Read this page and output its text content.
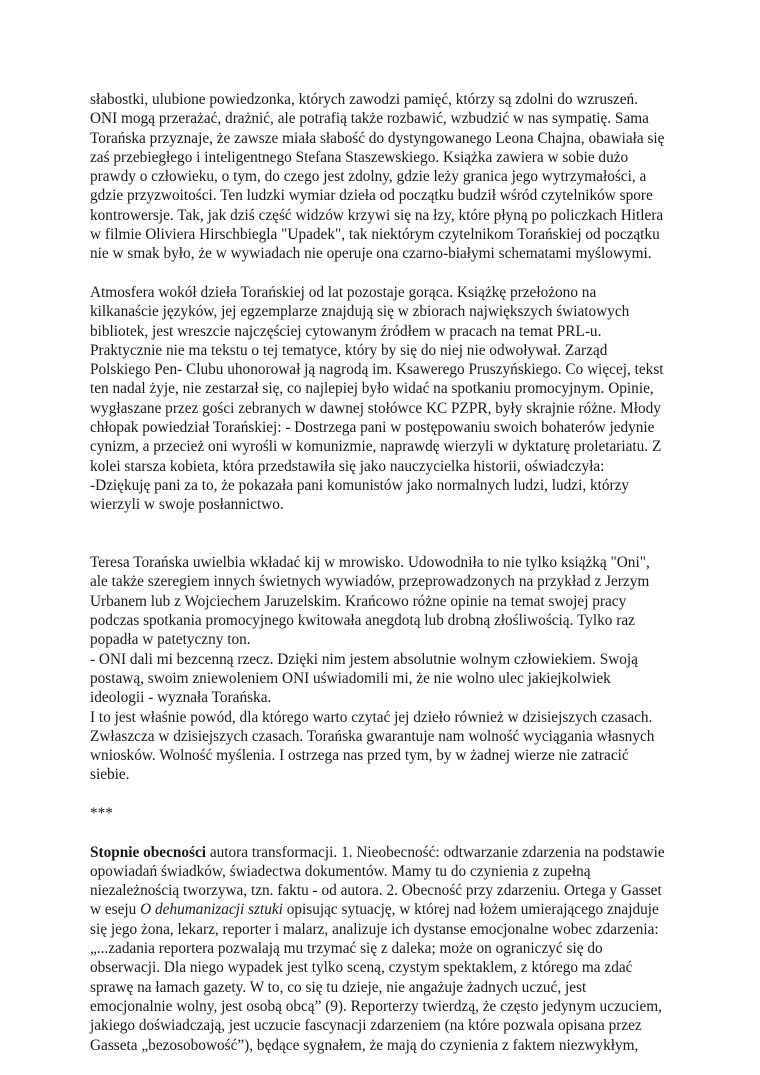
słabostki, ulubione powiedzonka, których zawodzi pamięć, którzy są zdolni do wzruszeń.
ONI mogą przerażać, drażnić, ale potrafią także rozbawić, wzbudzić w nas sympatię. Sama
Torańska przyznaje, że zawsze miała słabość do dystyngowanego Leona Chajna, obawiała się
zaś przebiegłego i inteligentnego Stefana Staszewskiego. Książka zawiera w sobie dużo
prawdy o człowieku, o tym, do czego jest zdolny, gdzie leży granica jego wytrzymałości, a
gdzie przyzwoitości. Ten ludzki wymiar dzieła od początku budził wśród czytelników spore
kontrowersje. Tak, jak dziś część widzów krzywi się na łzy, które płyną po policzkach Hitlera
w filmie Oliviera Hirschbiegla "Upadek", tak niektórym czytelnikom Torańskiej od początku
nie w smak było, że w wywiadach nie operuje ona czarno-białymi schematami myślowymi.
Atmosfera wokół dzieła Torańskiej od lat pozostaje gorąca. Książkę przełożono na
kilkanaście języków, jej egzemplarze znajdują się w zbiorach największych światowych
bibliotek, jest wreszcie najczęściej cytowanym źródłem w pracach na temat PRL-u.
Praktycznie nie ma tekstu o tej tematyce, który by się do niej nie odwoływał. Zarząd
Polskiego Pen- Clubu uhonorował ją nagrodą im. Ksawerego Pruszyńskiego. Co więcej, tekst
ten nadal żyje, nie zestarzał się, co najlepiej było widać na spotkaniu promocyjnym. Opinie,
wygłaszane przez gości zebranych w dawnej stołówce KC PZPR, były skrajnie różne. Młody
chłopak powiedział Torańskiej: - Dostrzega pani w postępowaniu swoich bohaterów jedynie
cynizm, a przecież oni wyrośli w komunizmie, naprawdę wierzyli w dyktaturę proletariatu. Z
kolei starsza kobieta, która przedstawiła się jako nauczycielka historii, oświadczyła:
-Dziękuję pani za to, że pokazała pani komunistów jako normalnych ludzi, ludzi, którzy
wierzyli w swoje posłannictwo.
Teresa Torańska uwielbia wkładać kij w mrowisko. Udowodniła to nie tylko książką "Oni",
ale także szeregiem innych świetnych wywiadów, przeprowadzonych na przykład z Jerzym
Urbanem lub z Wojciechem Jaruzelskim. Krańcowo różne opinie na temat swojej pracy
podczas spotkania promocyjnego kwitowała anegdotą lub drobną złośliwością. Tylko raz
popadła w patetyczny ton.
- ONI dali mi bezcenną rzecz. Dzięki nim jestem absolutnie wolnym człowiekiem. Swoją
postawą, swoim zniewoleniem ONI uświadomili mi, że nie wolno ulec jakiejkolwiek
ideologii - wyznała Torańska.
I to jest właśnie powód, dla którego warto czytać jej dzieło również w dzisiejszych czasach.
Zwłaszcza w dzisiejszych czasach. Torańska gwarantuje nam wolność wyciągania własnych
wniosków. Wolność myślenia. I ostrzega nas przed tym, by w żadnej wierze nie zatracić
siebie.
***
Stopnie obecności autora transformacji. 1. Nieobecność: odtwarzanie zdarzenia na podstawie
opowiadań świadków, świadectwa dokumentów. Mamy tu do czynienia z zupełną
niezależnością tworzywa, tzn. faktu - od autora. 2. Obecność przy zdarzeniu. Ortega y Gasset
w eseju O dehumanizacji sztuki opisując sytuację, w której nad łożem umierającego znajduje
się jego żona, lekarz, reporter i malarz, analizuje ich dystanse emocjonalne wobec zdarzenia:
„...zadania reportera pozwalają mu trzymać się z daleka; może on ograniczyć się do
obserwacji. Dla niego wypadek jest tylko sceną, czystym spektaklem, z którego ma zdać
sprawę na łamach gazety. W to, co się tu dzieje, nie angażuje żadnych uczuć, jest
emocjonalnie wolny, jest osobą obcą” (9). Reporterzy twierdzą, że często jedynym uczuciem,
jakiego doświadczają, jest uczucie fascynacji zdarzeniem (na które pozwala opisana przez
Gasseta „bezosobowość”), będące sygnałem, że mają do czynienia z faktem niezwykłym,
